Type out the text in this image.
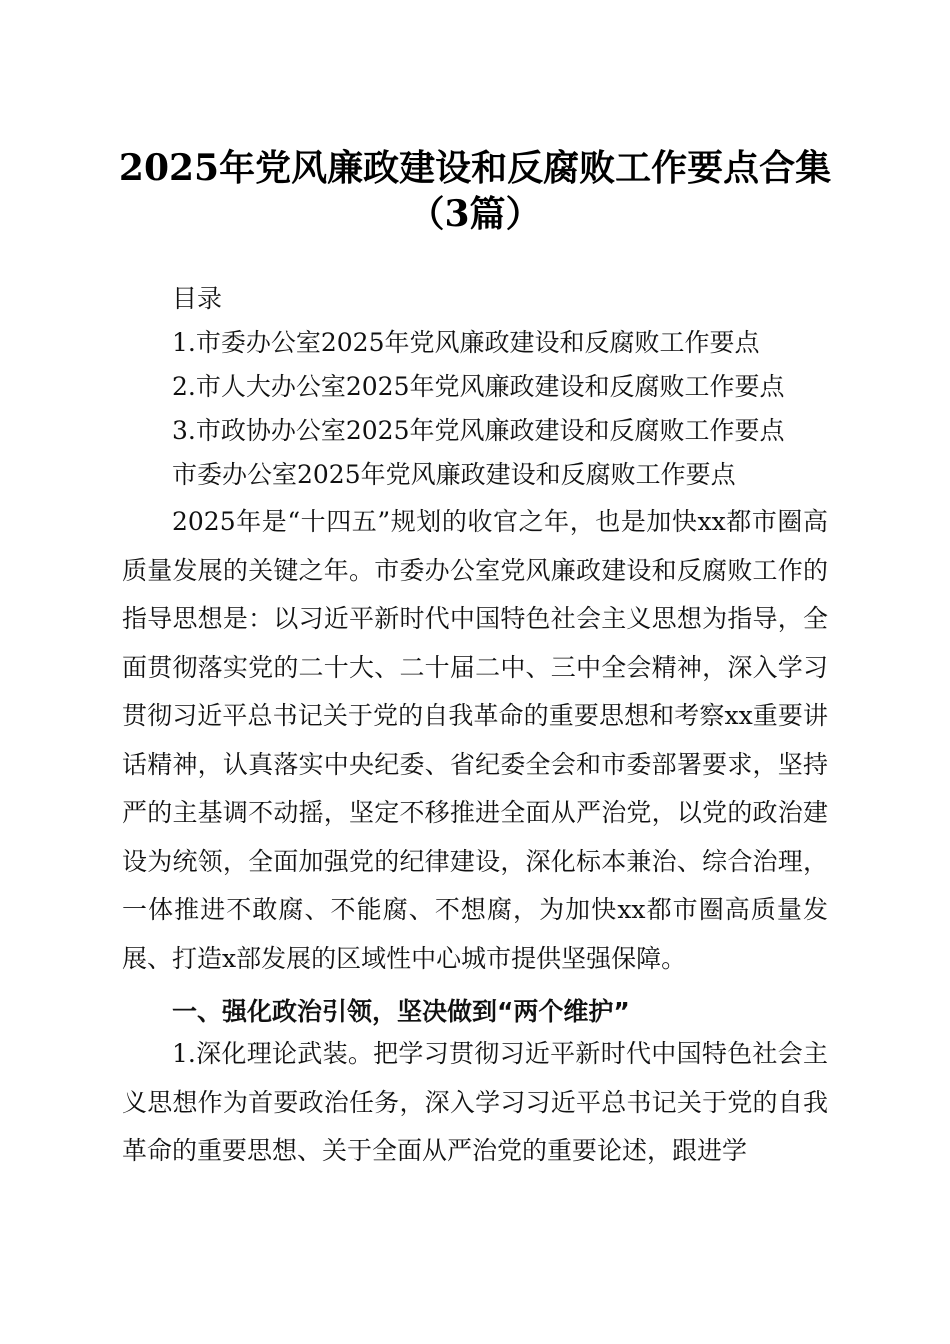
2025年党风廉政建设和反腐败工作要点合集
（3篇）
目录
1.市委办公室2025年党风廉政建设和反腐败工作要点
2.市人大办公室2025年党风廉政建设和反腐败工作要点
3.市政协办公室2025年党风廉政建设和反腐败工作要点
市委办公室2025年党风廉政建设和反腐败工作要点
2025年是“十四五”规划的收官之年，也是加快xx都市圈高质量发展的关键之年。市委办公室党风廉政建设和反腐败工作的指导思想是：以习近平新时代中国特色社会主义思想为指导，全面贯彻落实党的二十大、二十届二中、三中全会精神，深入学习贯彻习近平总书记关于党的自我革命的重要思想和考察xx重要讲话精神，认真落实中央纪委、省纪委全会和市委部署要求，坚持严的主基调不动摇，坚定不移推进全面从严治党，以党的政治建设为统领，全面加强党的纪律建设，深化标本兼治、综合治理，一体推进不敢腐、不能腐、不想腐，为加快xx都市圈高质量发展、打造x部发展的区域性中心城市提供坚强保障。
一、强化政治引领，坚决做到“两个维护”
1.深化理论武装。把学习贯彻习近平新时代中国特色社会主义思想作为首要政治任务，深入学习习近平总书记关于党的自我革命的重要思想、关于全面从严治党的重要论述，跟进学
